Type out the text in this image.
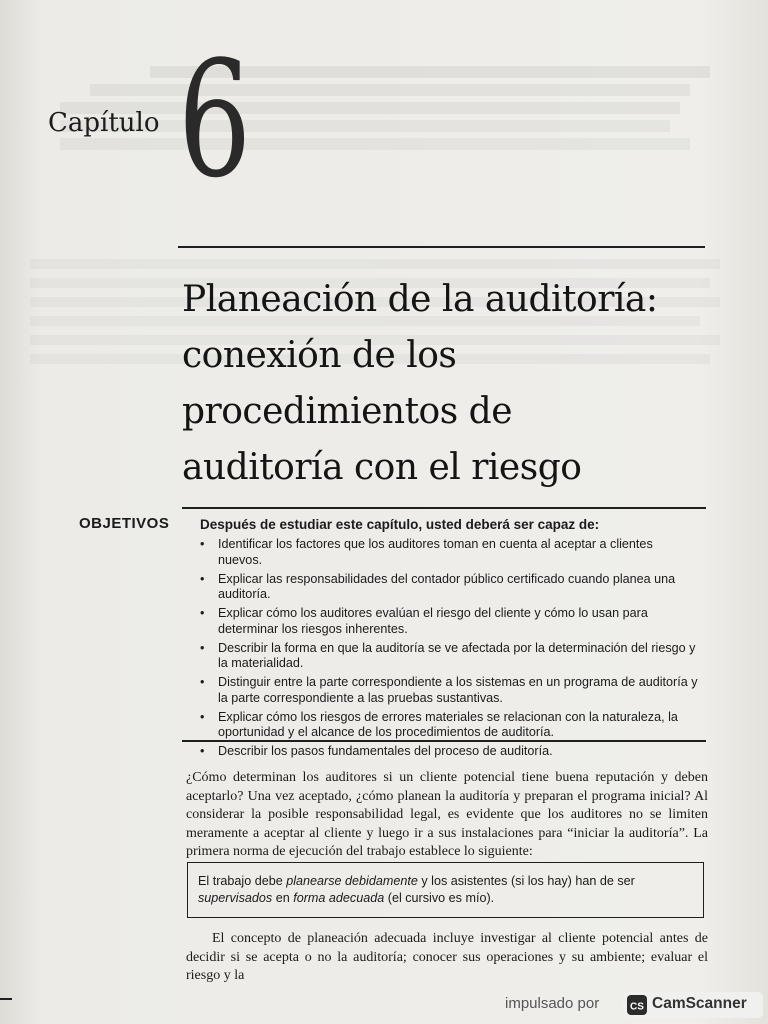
Capítulo 6
Planeación de la auditoría:
conexión de los
procedimientos de
auditoría con el riesgo
OBJETIVOS Después de estudiar este capítulo, usted deberá ser capaz de:
• Identificar los factores que los auditores toman en cuenta al aceptar a clientes nuevos.
• Explicar las responsabilidades del contador público certificado cuando planea una auditoría.
• Explicar cómo los auditores evalúan el riesgo del cliente y cómo lo usan para determinar los riesgos inherentes.
• Describir la forma en que la auditoría se ve afectada por la determinación del riesgo y la materialidad.
• Distinguir entre la parte correspondiente a los sistemas en un programa de auditoría y la parte correspondiente a las pruebas sustantivas.
• Explicar cómo los riesgos de errores materiales se relacionan con la naturaleza, la oportunidad y el alcance de los procedimientos de auditoría.
• Describir los pasos fundamentales del proceso de auditoría.
¿Cómo determinan los auditores si un cliente potencial tiene buena reputación y deben aceptarlo? Una vez aceptado, ¿cómo planean la auditoría y preparan el programa inicial? Al considerar la posible responsabilidad legal, es evidente que los auditores no se limiten meramente a aceptar al cliente y luego ir a sus instalaciones para “iniciar la auditoría”. La primera norma de ejecución del trabajo establece lo siguiente:
El trabajo debe planearse debidamente y los asistentes (si los hay) han de ser supervisados en forma adecuada (el cursivo es mío).
El concepto de planeación adecuada incluye investigar al cliente potencial antes de decidir si se acepta o no la auditoría; conocer sus operaciones y su ambiente; evaluar el riesgo y la
impulsado por	CS CamScanner
